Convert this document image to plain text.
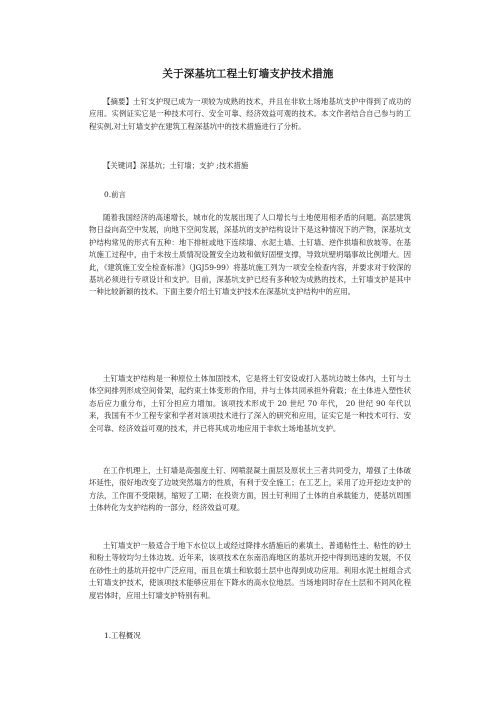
关于深基坑工程土钉墙支护技术措施
【摘要】土钉支护现已成为一项较为成熟的技术，并且在非软土场地基坑支护中得到了成功的应用。实例证实它是一种技术可行、安全可靠、经济效益可观的技术。本文作者结合自己参与的工程实例,对土钉墙支护在建筑工程深基坑中的技术措施进行了分析。
【关键词】深基坑；土钉墙；支护 ;技术措施
0.前言
随着我国经济的高速增长，城市化的发展出现了人口增长与土地使用相矛盾的问题。高层建筑物日益向高空中发展，向地下空间发展，深基坑的支护结构设计下是这种情况下的产物，深基坑支护结构常见的形式有五种：地下排桩或地下连续墙、水泥土墙、土钉墙、逆作拱墙和放坡等。在基坑施工过程中，由于未按土质情况设置安全边坡和做好固壁支撑，导致坑壁坍塌事故比例增大。因此，《建筑施工安全检查标准》（JGJ59-99）将基坑施工列为一项安全检查内容，并要求对于较深的基坑必须进行专项设计和支护。目前，深基坑支护已经有多种较为成熟的技术，土钉墙支护是其中一种比较新颖的技术。下面主要介绍土钉墙支护技术在深基坑支护结构中的应用。
土钉墙支护结构是一种原位土体加固技术，它是将土钉安设或打入基坑边坡土体内，土钉与土体空间排列形成空间骨架，起约束土体变形的作用，并与土体共同承担外荷载；在土体进入塑性状态后应力重分布，土钉分担应力增加。该项技术形成于 20 世纪 70 年代， 20 世纪 90 年代以来，我国有不少工程专家和学者对该项技术进行了深入的研究和应用，证实它是一种技术可行、安全可靠、经济效益可观的技术，并已将其成功地应用于非软土场地基坑支护。
在工作机理上，土钉墙是高强度土钉、网喷混凝土面层及原状土三者共同受力，增强了土体破坏延性，很好地改变了边坡突然塌方的性质，有利于安全施工；在工艺上，采用了边开挖边支护的方法，工作面不受限制，缩短了工期；在投资方面，因土钉利用了土体的自承载能力，使基坑周围土体转化为支护结构的一部分，经济效益可观。
土钉墙支护一般适合于地下水位以上或经过降排水措施后的素填土、普通粘性土、粘性的砂土和粉土等较均匀土体边坡。近年来，该项技术在东南沿海地区的基坑开挖中得到迅速的发展，不仅在砂性土的基坑开挖中广泛应用，而且在填土和软弱土层中也得到成功应用。利用水泥土桩组合式土钉墙支护技术，使该项技术能够应用在下降水的高水位地层。当场地同时存在土层和不同风化程度岩体时，应用土钉墙支护特别有利。
1.工程概况
